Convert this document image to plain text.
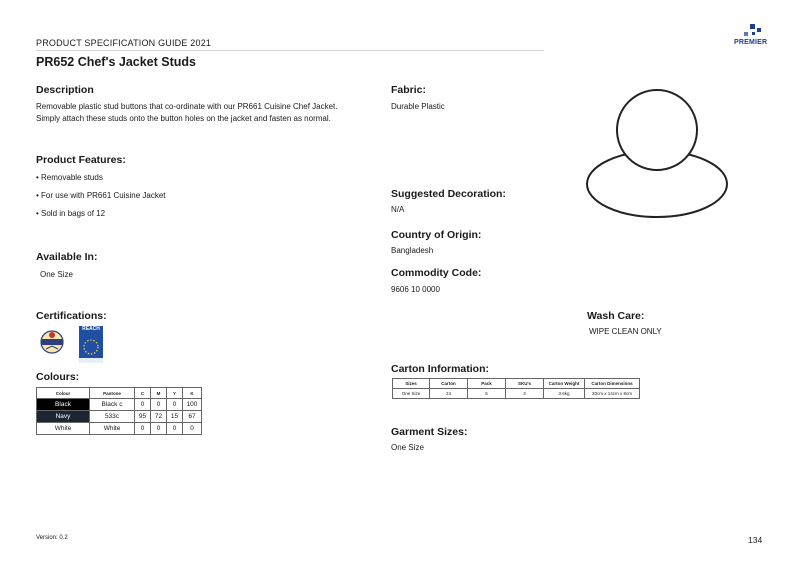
PRODUCT SPECIFICATION GUIDE 2021
PR652 Chef's Jacket Studs
PREMIER
Description
Removable plastic stud buttons that co-ordinate with our PR661 Cuisine Chef Jacket.
Simply attach these studs onto the button holes on the jacket and fasten as normal.
Product Features:
• Removable studs
• For use with PR661 Cuisine Jacket
• Sold in bags of 12
Available In:
One Size
Certifications:
REACH
Colours:
Colour	Pantone	C	M	Y	K
Black	Black c	0	0	0	100
Navy	533c	95	72	15	67
White	White	0	0	0	0
Fabric:
Durable Plastic
Suggested Decoration:
N/A
Country of Origin:
Bangladesh
Commodity Code:
9606 10 0000
Wash Care:
WIPE CLEAN ONLY
Carton Information:
Sizes	Carton	Pack	SKU's	Carton Weight	Carton Dimensions
One Size	24	6	3	3.6kg	20cm x 14cm x 8cm
Garment Sizes:
One Size
Version: 0.2	134
